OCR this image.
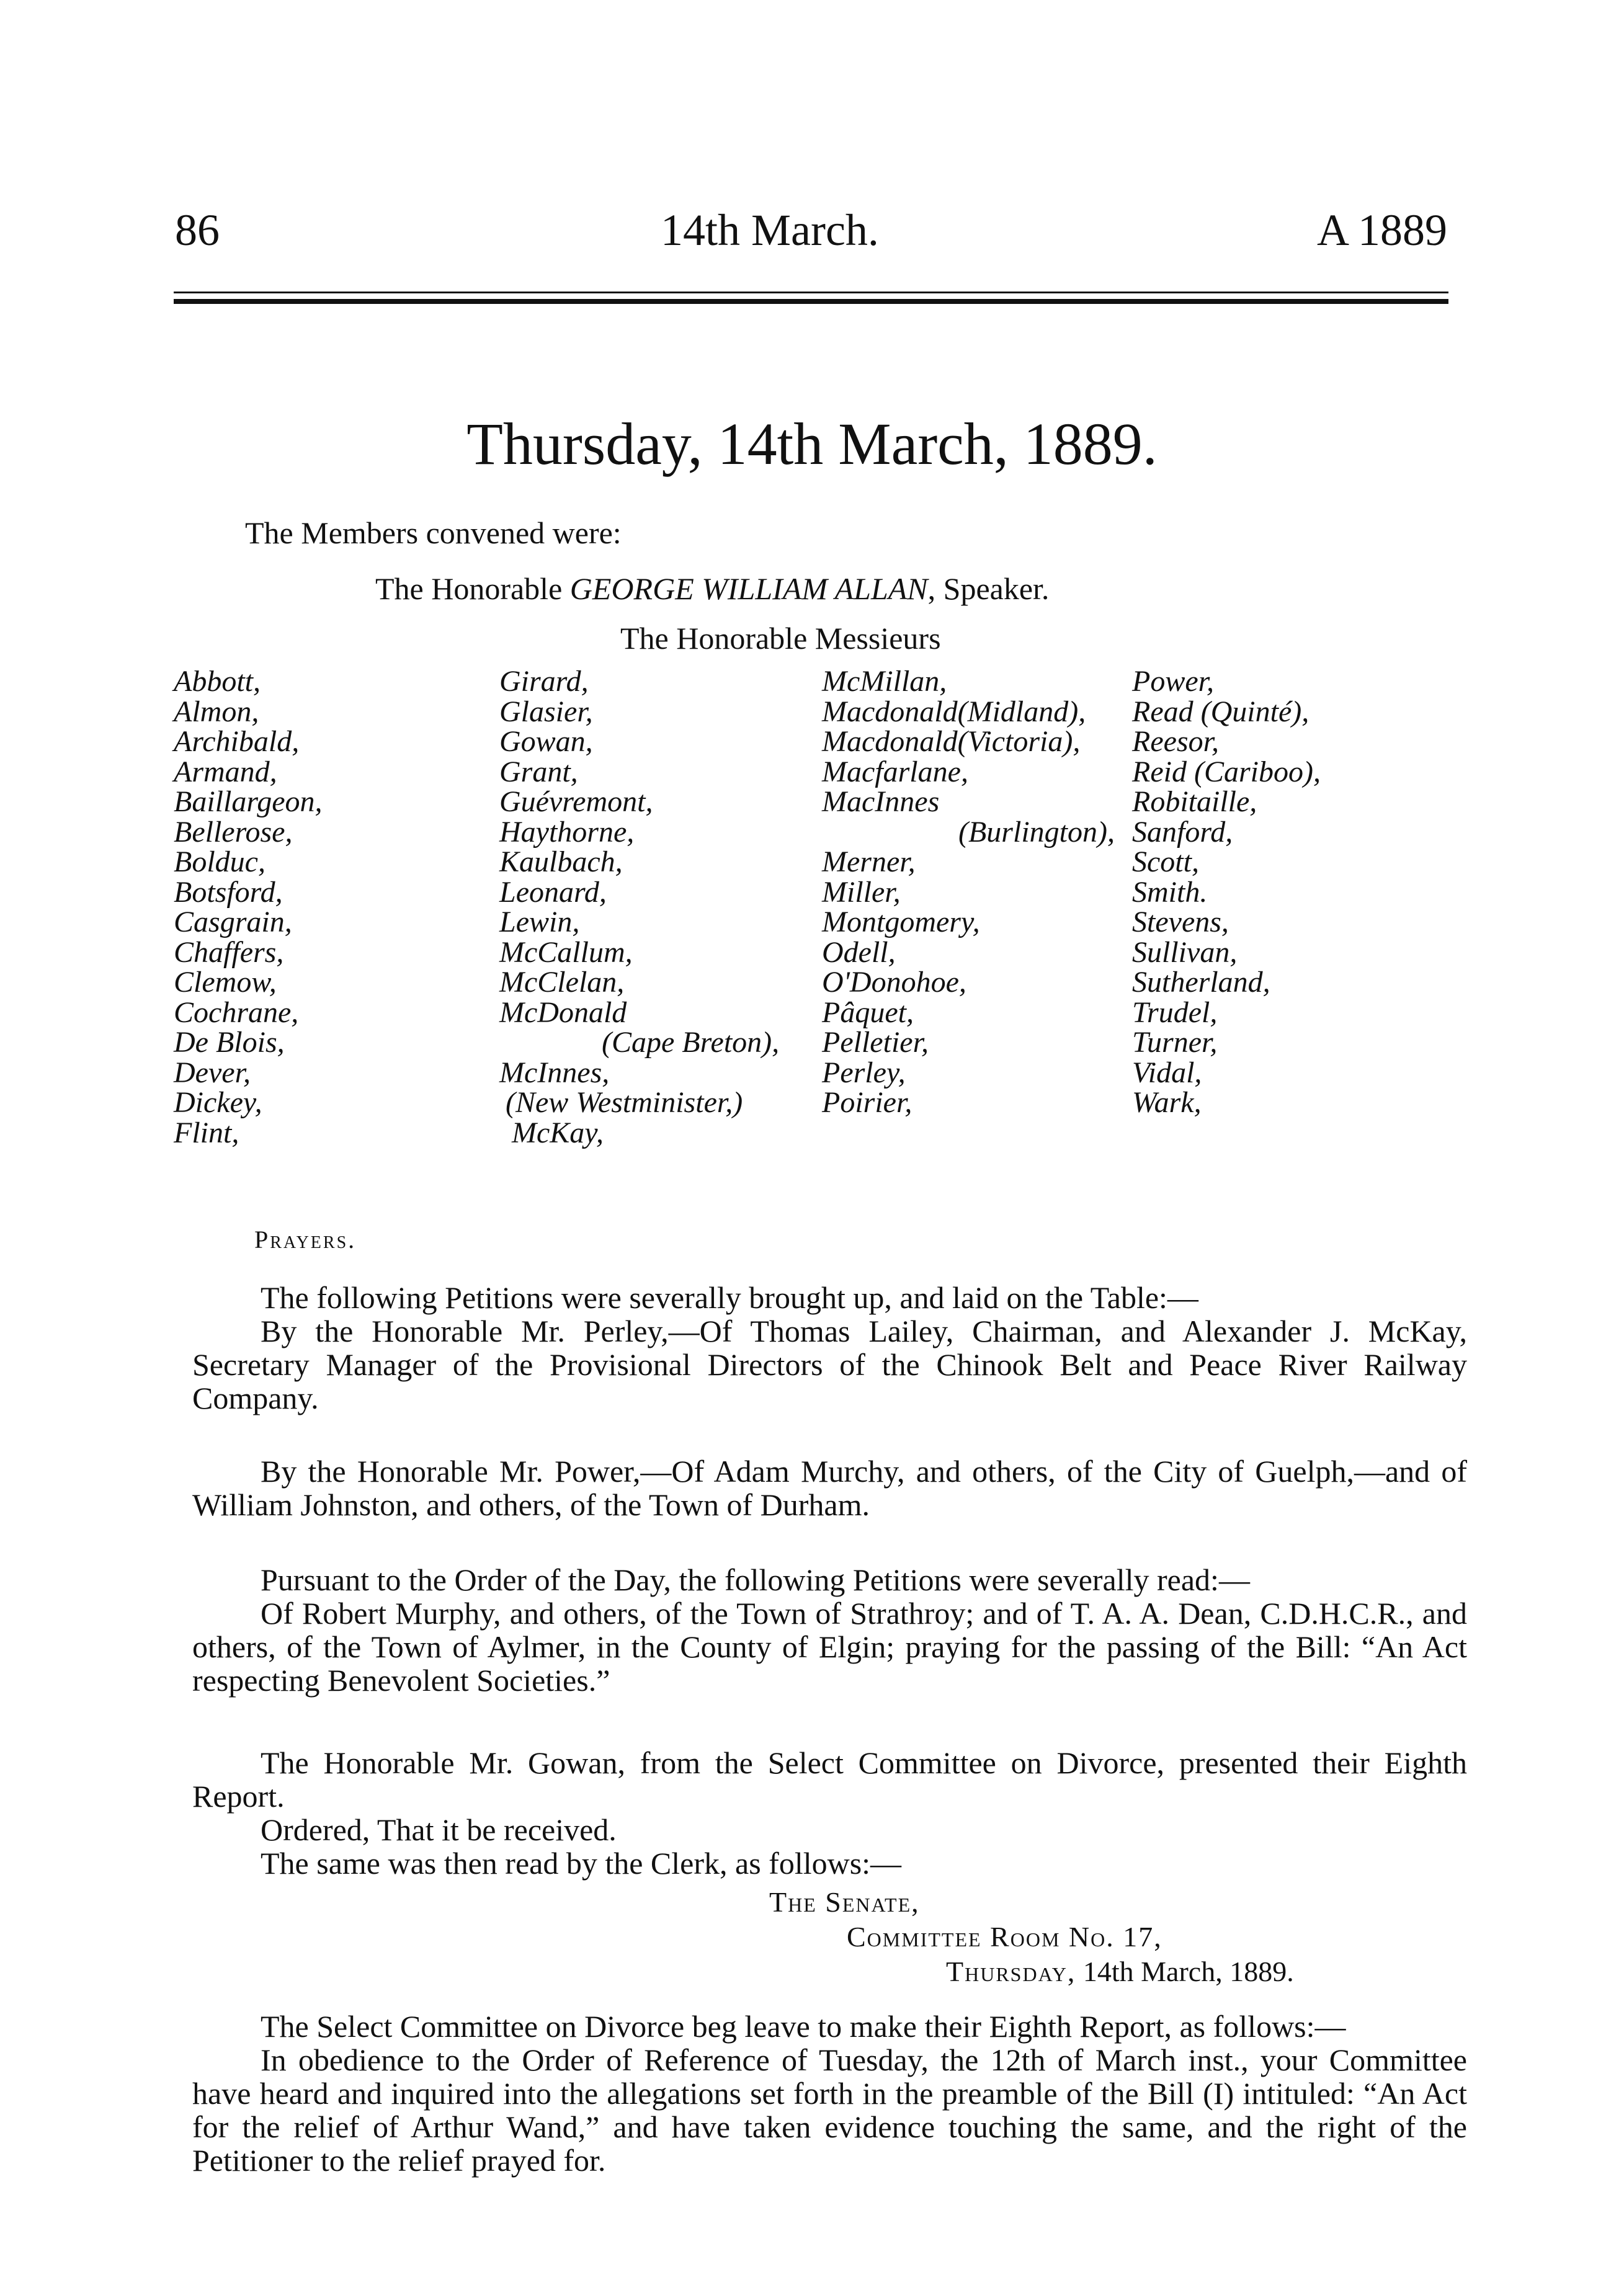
86	14th March.	A 1889
Thursday, 14th March, 1889.
The Members convened were:
The Honorable GEORGE WILLIAM ALLAN, Speaker.
The Honorable Messieurs
Abbott,
Almon,
Archibald,
Armand,
Baillargeon,
Bellerose,
Bolduc,
Botsford,
Casgrain,
Chaffers,
Clemow,
Cochrane,
De Blois,
Dever,
Dickey,
Flint,
Girard,
Glasier,
Gowan,
Grant,
Guévremont,
Haythorne,
Kaulbach,
Leonard,
Lewin,
McCallum,
McClelan,
McDonald
(Cape Breton),
McInnes,
(New Westminister,)
McKay,
McMillan,
Macdonald(Midland),
Macdonald(Victoria),
Macfarlane,
MacInnes
(Burlington),
Merner,
Miller,
Montgomery,
Odell,
O'Donohoe,
Pâquet,
Pelletier,
Perley,
Poirier,
Power,
Read (Quinté),
Reesor,
Reid (Cariboo),
Robitaille,
Sanford,
Scott,
Smith.
Stevens,
Sullivan,
Sutherland,
Trudel,
Turner,
Vidal,
Wark,
Prayers.

The following Petitions were severally brought up, and laid on the Table:—

By the Honorable Mr. Perley,—Of Thomas Lailey, Chairman, and Alexander J. McKay, Secretary Manager of the Provisional Directors of the Chinook Belt and Peace River Railway Company.

By the Honorable Mr. Power,—Of Adam Murchy, and others, of the City of Guelph,—and of William Johnston, and others, of the Town of Durham.

Pursuant to the Order of the Day, the following Petitions were severally read:—

Of Robert Murphy, and others, of the Town of Strathroy; and of T. A. A. Dean, C.D.H.C.R., and others, of the Town of Aylmer, in the County of Elgin; praying for the passing of the Bill: “An Act respecting Benevolent Societies.”

The Honorable Mr. Gowan, from the Select Committee on Divorce, presented their Eighth Report.

Ordered, That it be received.

The same was then read by the Clerk, as follows:—

The Senate,
Committee Room No. 17,
Thursday, 14th March, 1889.

The Select Committee on Divorce beg leave to make their Eighth Report, as follows:—

In obedience to the Order of Reference of Tuesday, the 12th of March inst., your Committee have heard and inquired into the allegations set forth in the preamble of the Bill (I) intituled: “An Act for the relief of Arthur Wand,” and have taken evidence touching the same, and the right of the Petitioner to the relief prayed for.
